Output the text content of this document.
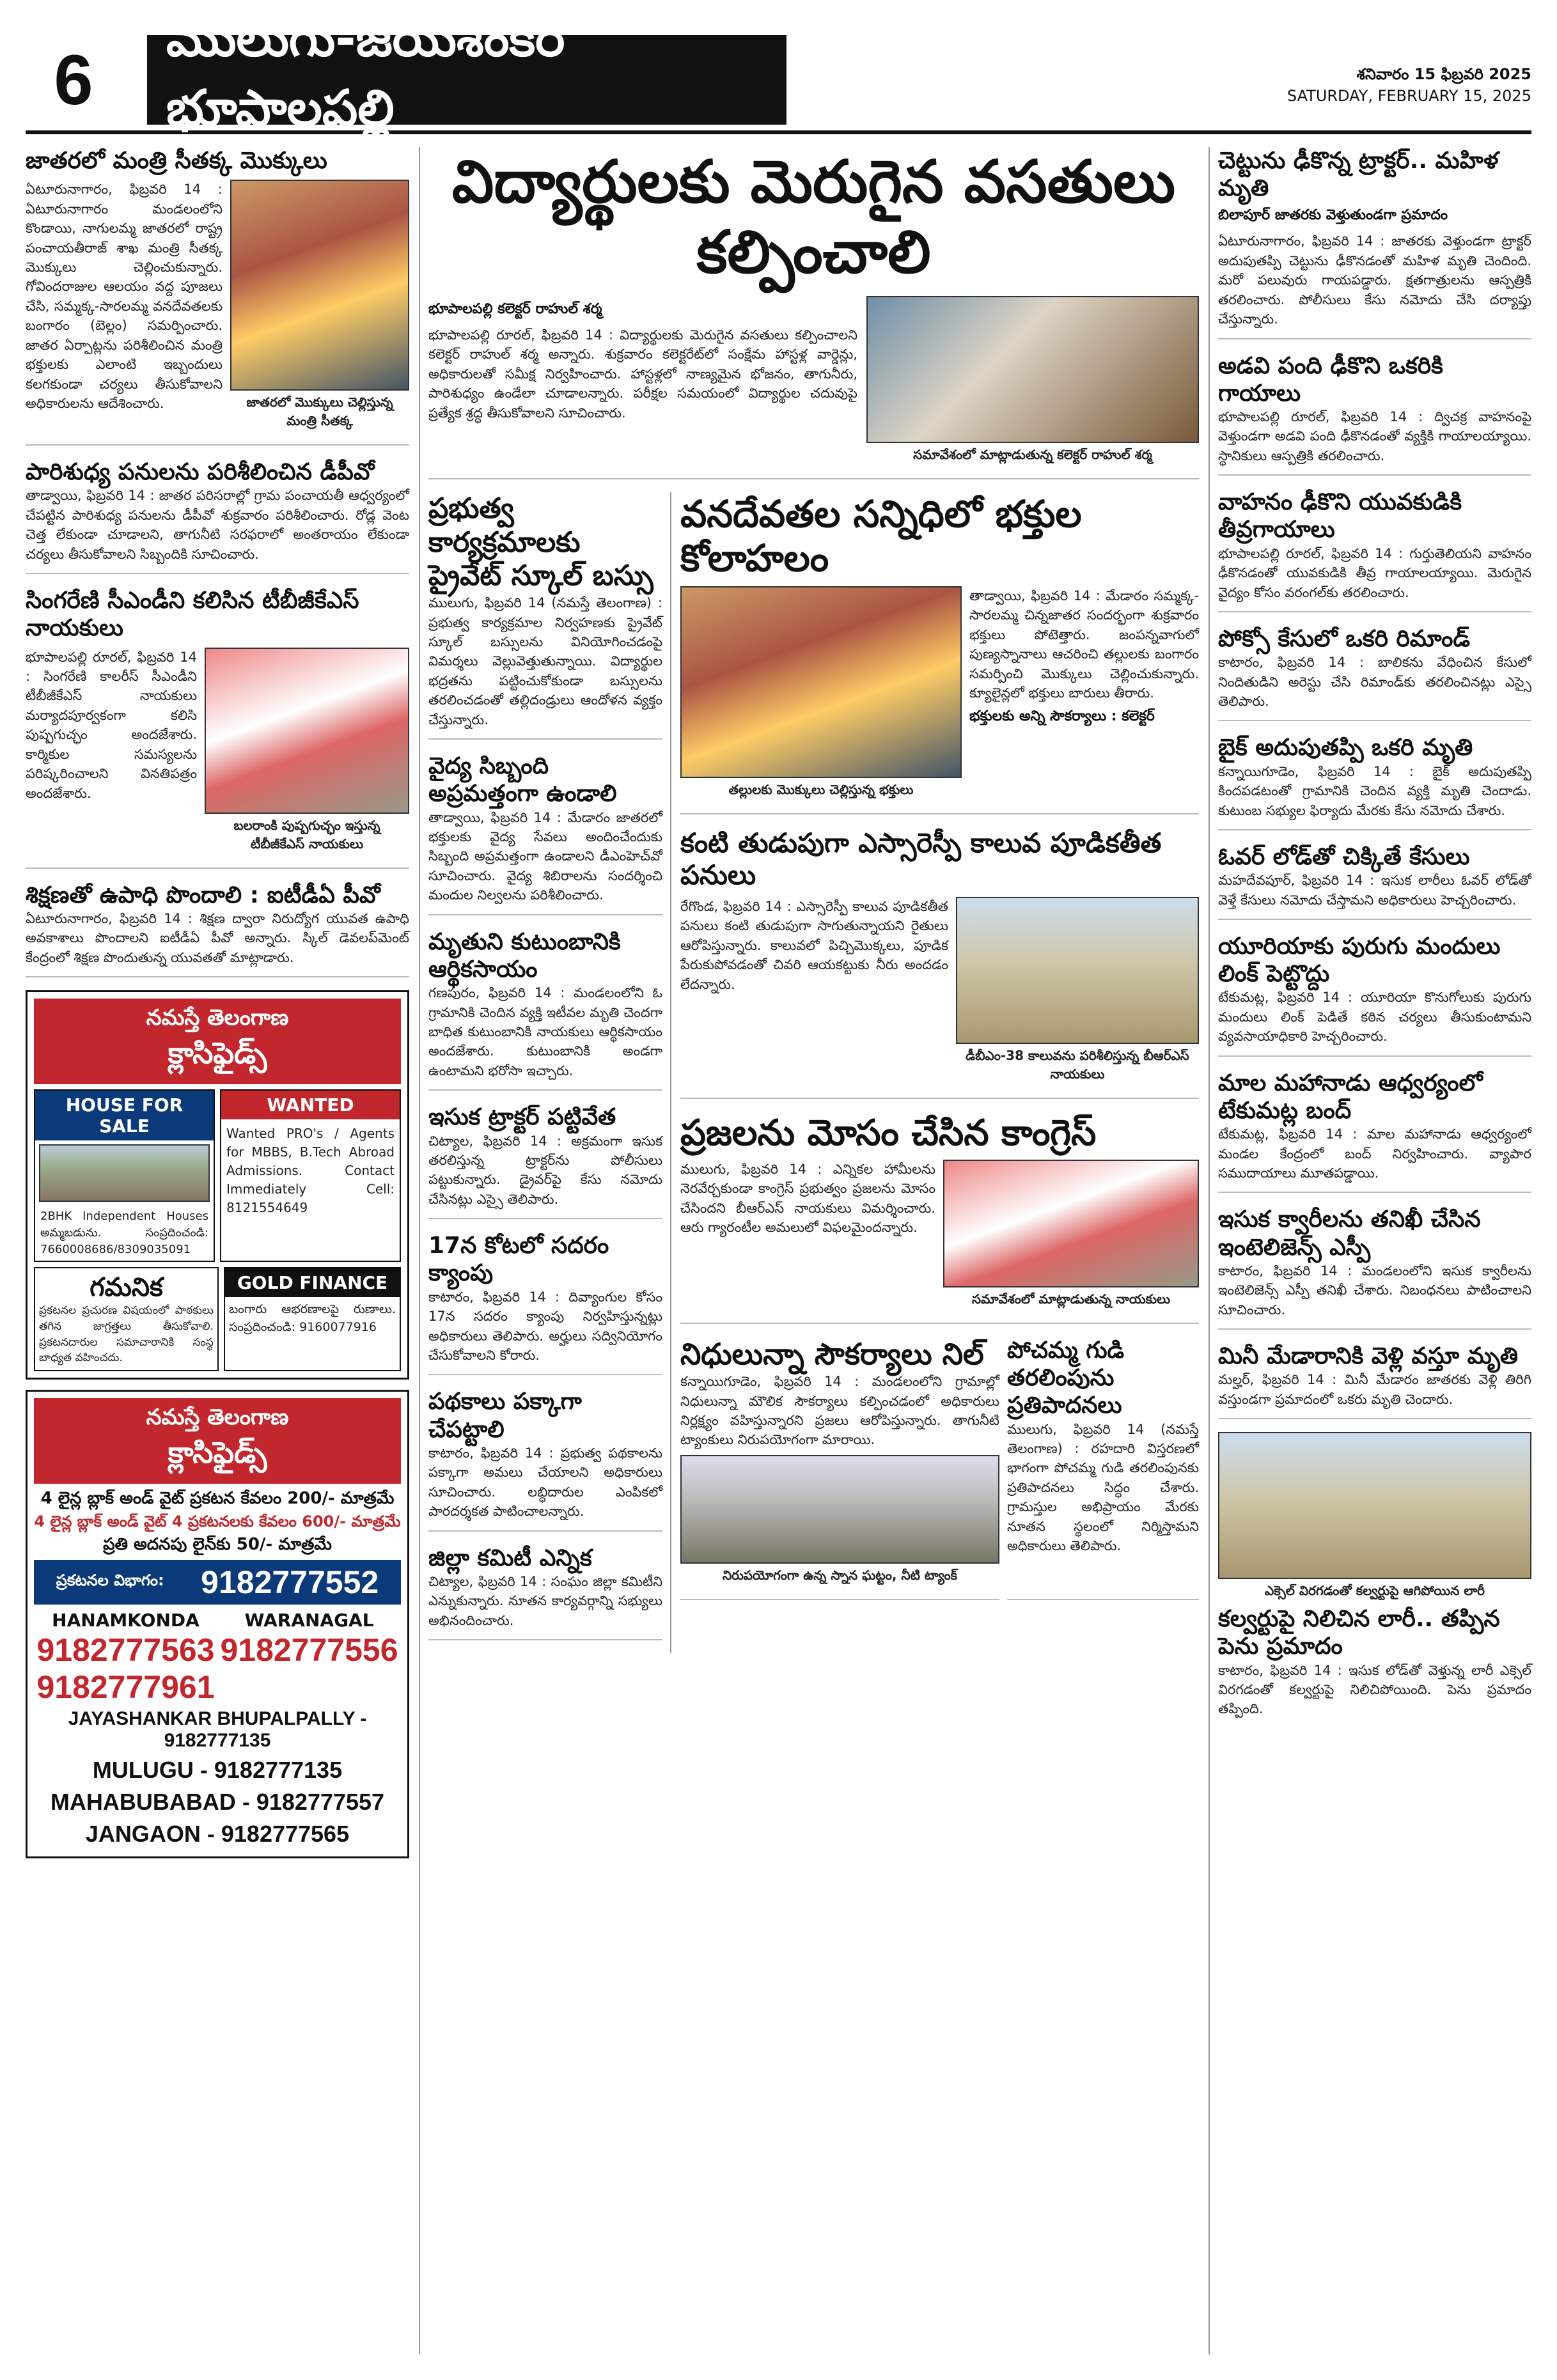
6
ములుగు-జయశంకర్ భూపాలపల్లి
శనివారం 15 ఫిబ్రవరి 2025
SATURDAY, FEBRUARY 15, 2025
జాతరలో మంత్రి సీతక్క మొక్కులు
ఏటూరునాగారం, ఫిబ్రవరి 14 : ఏటూరునాగారం మండలంలోని కొండాయి, నాగులమ్మ జాతరలో రాష్ట్ర పంచాయతీరాజ్ శాఖ మంత్రి సీతక్క మొక్కులు చెల్లించుకున్నారు. గోవిందరాజుల ఆలయం వద్ద పూజలు చేసి, సమ్మక్క-సారలమ్మ వనదేవతలకు బంగారం (బెల్లం) సమర్పించారు. జాతర ఏర్పాట్లను పరిశీలించిన మంత్రి భక్తులకు ఎలాంటి ఇబ్బందులు కలగకుండా చర్యలు తీసుకోవాలని అధికారులను ఆదేశించారు.	జాతరలో మొక్కులు చెల్లిస్తున్న మంత్రి సీతక్క
పారిశుధ్య పనులను పరిశీలించిన డీపీవో
తాడ్వాయి, ఫిబ్రవరి 14 : జాతర పరిసరాల్లో గ్రామ పంచాయతీ ఆధ్వర్యంలో చేపట్టిన పారిశుధ్య పనులను డీపీవో శుక్రవారం పరిశీలించారు. రోడ్ల వెంట చెత్త లేకుండా చూడాలని, తాగునీటి సరఫరాలో అంతరాయం లేకుండా చర్యలు తీసుకోవాలని సిబ్బందికి సూచించారు.
సింగరేణి సీఎండీని కలిసిన టీబీజీకేఎస్ నాయకులు
భూపాలపల్లి రూరల్, ఫిబ్రవరి 14 : సింగరేణి కాలరీస్ సీఎండీని టీబీజీకేఎస్ నాయకులు మర్యాదపూర్వకంగా కలిసి పుష్పగుచ్ఛం అందజేశారు. కార్మికుల సమస్యలను పరిష్కరించాలని వినతిపత్రం అందజేశారు.
బలరాంకి పుష్పగుచ్ఛం ఇస్తున్న టీబీజీకేఎస్ నాయకులు
శిక్షణతో ఉపాధి పొందాలి : ఐటీడీఏ పీవో
ఏటూరునాగారం, ఫిబ్రవరి 14 : శిక్షణ ద్వారా నిరుద్యోగ యువత ఉపాధి అవకాశాలు పొందాలని ఐటీడీఏ పీవో అన్నారు. స్కిల్ డెవలప్‌మెంట్ కేంద్రంలో శిక్షణ పొందుతున్న యువతతో మాట్లాడారు.
నమస్తే తెలంగాణ
క్లాసిఫైడ్స్
HOUSE FOR SALE
2BHK Independent Houses అమ్మబడును. సంప్రదించండి: 7660008686/8309035091
WANTED
Wanted PRO's / Agents for MBBS, B.Tech Abroad Admissions. Contact Immediately Cell: 8121554649
గమనిక
ప్రకటనల ప్రచురణ విషయంలో పాఠకులు తగిన జాగ్రత్తలు తీసుకోవాలి. ప్రకటనదారుల సమాచారానికి సంస్థ బాధ్యత వహించదు.
GOLD FINANCE
బంగారు ఆభరణాలపై రుణాలు. సంప్రదించండి: 9160077916
నమస్తే తెలంగాణ
క్లాసిఫైడ్స్
4 లైన్ల బ్లాక్ అండ్ వైట్ ప్రకటన కేవలం 200/- మాత్రమే
4 లైన్ల బ్లాక్ అండ్ వైట్ 4 ప్రకటనలకు కేవలం 600/- మాత్రమే
ప్రతి అదనపు లైన్‌కు 50/- మాత్రమే
ప్రకటనల విభాగం: 9182777552
HANAMKONDA
9182777563
9182777961
WARANAGAL
9182777556
JAYASHANKAR BHUPALPALLY - 9182777135
MULUGU - 9182777135
MAHABUBABAD - 9182777557
JANGAON - 9182777565
విద్యార్థులకు మెరుగైన వసతులు కల్పించాలి
భూపాలపల్లి కలెక్టర్ రాహుల్ శర్మ
భూపాలపల్లి రూరల్, ఫిబ్రవరి 14 : విద్యార్థులకు మెరుగైన వసతులు కల్పించాలని కలెక్టర్ రాహుల్ శర్మ అన్నారు. శుక్రవారం కలెక్టరేట్‌లో సంక్షేమ హాస్టళ్ల వార్డెన్లు, అధికారులతో సమీక్ష నిర్వహించారు. హాస్టళ్లలో నాణ్యమైన భోజనం, తాగునీరు, పారిశుధ్యం ఉండేలా చూడాలన్నారు. పరీక్షల సమయంలో విద్యార్థుల చదువుపై ప్రత్యేక శ్రద్ధ తీసుకోవాలని సూచించారు.
సమావేశంలో మాట్లాడుతున్న కలెక్టర్ రాహుల్ శర్మ
ప్రభుత్వ కార్యక్రమాలకు ప్రైవేట్ స్కూల్ బస్సు
ములుగు, ఫిబ్రవరి 14 (నమస్తే తెలంగాణ) : ప్రభుత్వ కార్యక్రమాల నిర్వహణకు ప్రైవేట్ స్కూల్ బస్సులను వినియోగించడంపై విమర్శలు వెల్లువెత్తుతున్నాయి. విద్యార్థుల భద్రతను పట్టించుకోకుండా బస్సులను తరలించడంతో తల్లిదండ్రులు ఆందోళన వ్యక్తం చేస్తున్నారు.
వైద్య సిబ్బంది అప్రమత్తంగా ఉండాలి
తాడ్వాయి, ఫిబ్రవరి 14 : మేడారం జాతరలో భక్తులకు వైద్య సేవలు అందించేందుకు సిబ్బంది అప్రమత్తంగా ఉండాలని డీఎంహెచ్‌వో సూచించారు. వైద్య శిబిరాలను సందర్శించి మందుల నిల్వలను పరిశీలించారు.
మృతుని కుటుంబానికి ఆర్థికసాయం
గణపురం, ఫిబ్రవరి 14 : మండలంలోని ఓ గ్రామానికి చెందిన వ్యక్తి ఇటీవల మృతి చెందగా బాధిత కుటుంబానికి నాయకులు ఆర్థికసాయం అందజేశారు. కుటుంబానికి అండగా ఉంటామని భరోసా ఇచ్చారు.
ఇసుక ట్రాక్టర్ పట్టివేత
చిట్యాల, ఫిబ్రవరి 14 : అక్రమంగా ఇసుక తరలిస్తున్న ట్రాక్టర్‌ను పోలీసులు పట్టుకున్నారు. డ్రైవర్‌పై కేసు నమోదు చేసినట్లు ఎస్సై తెలిపారు.
17న కోటలో సదరం క్యాంపు
కాటారం, ఫిబ్రవరి 14 : దివ్యాంగుల కోసం 17న సదరం క్యాంపు నిర్వహిస్తున్నట్లు అధికారులు తెలిపారు. అర్హులు సద్వినియోగం చేసుకోవాలని కోరారు.
పథకాలు పక్కాగా చేపట్టాలి
కాటారం, ఫిబ్రవరి 14 : ప్రభుత్వ పథకాలను పక్కాగా అమలు చేయాలని అధికారులు సూచించారు. లబ్ధిదారుల ఎంపికలో పారదర్శకత పాటించాలన్నారు.
జిల్లా కమిటీ ఎన్నిక
చిట్యాల, ఫిబ్రవరి 14 : సంఘం జిల్లా కమిటీని ఎన్నుకున్నారు. నూతన కార్యవర్గాన్ని సభ్యులు అభినందించారు.
వనదేవతల సన్నిధిలో భక్తుల కోలాహలం
తల్లులకు మొక్కులు చెల్లిస్తున్న భక్తులు
తాడ్వాయి, ఫిబ్రవరి 14 : మేడారం సమ్మక్క-సారలమ్మ చిన్నజాతర సందర్భంగా శుక్రవారం భక్తులు పోటెత్తారు. జంపన్నవాగులో పుణ్యస్నానాలు ఆచరించి తల్లులకు బంగారం సమర్పించి మొక్కులు చెల్లించుకున్నారు. క్యూలైన్లలో భక్తులు బారులు తీరారు.
భక్తులకు అన్ని సౌకర్యాలు : కలెక్టర్
కంటి తుడుపుగా ఎస్సారెస్పీ కాలువ పూడికతీత పనులు
రేగొండ, ఫిబ్రవరి 14 : ఎస్సారెస్పీ కాలువ పూడికతీత పనులు కంటి తుడుపుగా సాగుతున్నాయని రైతులు ఆరోపిస్తున్నారు. కాలువలో పిచ్చిమొక్కలు, పూడిక పేరుకుపోవడంతో చివరి ఆయకట్టుకు నీరు అందడం లేదన్నారు.
డీబీఎం-38 కాలువను పరిశీలిస్తున్న బీఆర్ఎస్ నాయకులు
ప్రజలను మోసం చేసిన కాంగ్రెస్
ములుగు, ఫిబ్రవరి 14 : ఎన్నికల హామీలను నెరవేర్చకుండా కాంగ్రెస్ ప్రభుత్వం ప్రజలను మోసం చేసిందని బీఆర్ఎస్ నాయకులు విమర్శించారు. ఆరు గ్యారంటీల అమలులో విఫలమైందన్నారు.
సమావేశంలో మాట్లాడుతున్న నాయకులు
నిధులున్నా సౌకర్యాలు నిల్
కన్నాయిగూడెం, ఫిబ్రవరి 14 : మండలంలోని గ్రామాల్లో నిధులున్నా మౌలిక సౌకర్యాలు కల్పించడంలో అధికారులు నిర్లక్ష్యం వహిస్తున్నారని ప్రజలు ఆరోపిస్తున్నారు. తాగునీటి ట్యాంకులు నిరుపయోగంగా మారాయి.
నిరుపయోగంగా ఉన్న స్నాన ఘట్టం, నీటి ట్యాంక్
పోచమ్మ గుడి తరలింపును ప్రతిపాదనలు
ములుగు, ఫిబ్రవరి 14 (నమస్తే తెలంగాణ) : రహదారి విస్తరణలో భాగంగా పోచమ్మ గుడి తరలింపునకు ప్రతిపాదనలు సిద్ధం చేశారు. గ్రామస్తుల అభిప్రాయం మేరకు నూతన స్థలంలో నిర్మిస్తామని అధికారులు తెలిపారు.
చెట్టును ఢీకొన్న ట్రాక్టర్.. మహిళ మృతి
బిలాపూర్ జాతరకు వెళ్తుతుండగా ప్రమాదం
ఏటూరునాగారం, ఫిబ్రవరి 14 : జాతరకు వెళ్తుండగా ట్రాక్టర్ అదుపుతప్పి చెట్టును ఢీకొనడంతో మహిళ మృతి చెందింది. మరో పలువురు గాయపడ్డారు. క్షతగాత్రులను ఆస్పత్రికి తరలించారు. పోలీసులు కేసు నమోదు చేసి దర్యాప్తు చేస్తున్నారు.
అడవి పంది ఢీకొని ఒకరికి గాయాలు
భూపాలపల్లి రూరల్, ఫిబ్రవరి 14 : ద్విచక్ర వాహనంపై వెళ్తుండగా అడవి పంది ఢీకొనడంతో వ్యక్తికి గాయాలయ్యాయి. స్థానికులు ఆస్పత్రికి తరలించారు.
వాహనం ఢీకొని యువకుడికి తీవ్రగాయాలు
భూపాలపల్లి రూరల్, ఫిబ్రవరి 14 : గుర్తుతెలియని వాహనం ఢీకొనడంతో యువకుడికి తీవ్ర గాయాలయ్యాయి. మెరుగైన వైద్యం కోసం వరంగల్‌కు తరలించారు.
పోక్సో కేసులో ఒకరి రిమాండ్
కాటారం, ఫిబ్రవరి 14 : బాలికను వేధించిన కేసులో నిందితుడిని అరెస్టు చేసి రిమాండ్‌కు తరలించినట్లు ఎస్సై తెలిపారు.
బైక్ అదుపుతప్పి ఒకరి మృతి
కన్నాయిగూడెం, ఫిబ్రవరి 14 : బైక్ అదుపుతప్పి కిందపడటంతో గ్రామానికి చెందిన వ్యక్తి మృతి చెందాడు. కుటుంబ సభ్యుల ఫిర్యాదు మేరకు కేసు నమోదు చేశారు.
ఓవర్ లోడ్‌తో చిక్కితే కేసులు
మహదేవపూర్, ఫిబ్రవరి 14 : ఇసుక లారీలు ఓవర్ లోడ్‌తో వెళ్తే కేసులు నమోదు చేస్తామని అధికారులు హెచ్చరించారు.
యూరియాకు పురుగు మందులు లింక్ పెట్టొద్దు
టేకుమట్ల, ఫిబ్రవరి 14 : యూరియా కొనుగోలుకు పురుగు మందులు లింక్ పెడితే కఠిన చర్యలు తీసుకుంటామని వ్యవసాయాధికారి హెచ్చరించారు.
మాల మహానాడు ఆధ్వర్యంలో టేకుమట్ల బంద్
టేకుమట్ల, ఫిబ్రవరి 14 : మాల మహానాడు ఆధ్వర్యంలో మండల కేంద్రంలో బంద్ నిర్వహించారు. వ్యాపార సముదాయాలు మూతపడ్డాయి.
ఇసుక క్వారీలను తనిఖీ చేసిన ఇంటెలిజెన్స్ ఎస్పీ
కాటారం, ఫిబ్రవరి 14 : మండలంలోని ఇసుక క్వారీలను ఇంటెలిజెన్స్ ఎస్పీ తనిఖీ చేశారు. నిబంధనలు పాటించాలని సూచించారు.
మినీ మేడారానికి వెళ్లి వస్తూ మృతి
మల్హర్, ఫిబ్రవరి 14 : మినీ మేడారం జాతరకు వెళ్లి తిరిగి వస్తుండగా ప్రమాదంలో ఒకరు మృతి చెందారు.
ఎక్సెల్ విరగడంతో కల్వర్టుపై ఆగిపోయిన లారీ
కల్వర్టుపై నిలిచిన లారీ.. తప్పిన పెను ప్రమాదం
కాటారం, ఫిబ్రవరి 14 : ఇసుక లోడ్‌తో వెళ్తున్న లారీ ఎక్సెల్ విరగడంతో కల్వర్టుపై నిలిచిపోయింది. పెను ప్రమాదం తప్పింది.
